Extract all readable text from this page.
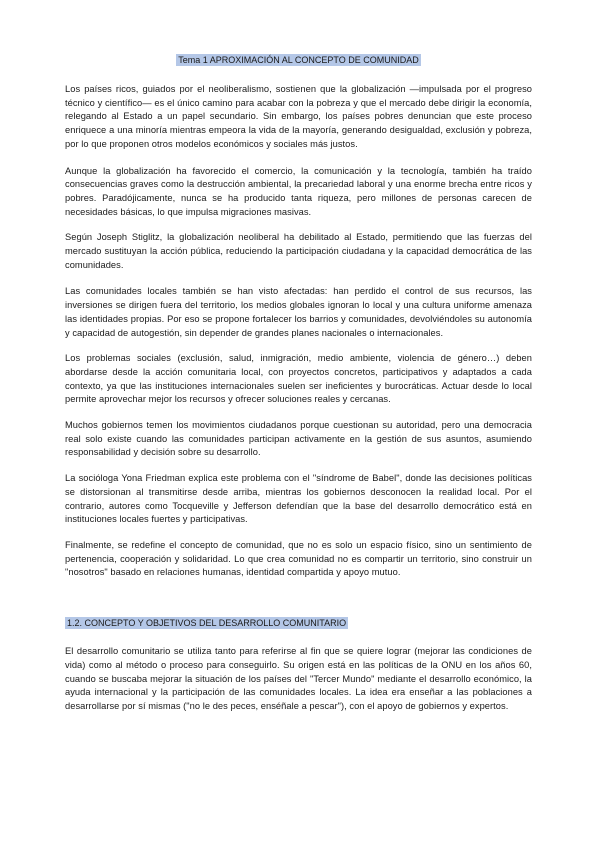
Tema 1 APROXIMACIÓN AL CONCEPTO DE COMUNIDAD

Los países ricos, guiados por el neoliberalismo, sostienen que la globalización —impulsada por el progreso técnico y científico— es el único camino para acabar con la pobreza y que el mercado debe dirigir la economía, relegando al Estado a un papel secundario. Sin embargo, los países pobres denuncian que este proceso enriquece a una minoría mientras empeora la vida de la mayoría, generando desigualdad, exclusión y pobreza, por lo que proponen otros modelos económicos y sociales más justos.

Aunque la globalización ha favorecido el comercio, la comunicación y la tecnología, también ha traído consecuencias graves como la destrucción ambiental, la precariedad laboral y una enorme brecha entre ricos y pobres. Paradójicamente, nunca se ha producido tanta riqueza, pero millones de personas carecen de necesidades básicas, lo que impulsa migraciones masivas.

Según Joseph Stiglitz, la globalización neoliberal ha debilitado al Estado, permitiendo que las fuerzas del mercado sustituyan la acción pública, reduciendo la participación ciudadana y la capacidad democrática de las comunidades.

Las comunidades locales también se han visto afectadas: han perdido el control de sus recursos, las inversiones se dirigen fuera del territorio, los medios globales ignoran lo local y una cultura uniforme amenaza las identidades propias. Por eso se propone fortalecer los barrios y comunidades, devolviéndoles su autonomía y capacidad de autogestión, sin depender de grandes planes nacionales o internacionales.

Los problemas sociales (exclusión, salud, inmigración, medio ambiente, violencia de género…) deben abordarse desde la acción comunitaria local, con proyectos concretos, participativos y adaptados a cada contexto, ya que las instituciones internacionales suelen ser ineficientes y burocráticas. Actuar desde lo local permite aprovechar mejor los recursos y ofrecer soluciones reales y cercanas.

Muchos gobiernos temen los movimientos ciudadanos porque cuestionan su autoridad, pero una democracia real solo existe cuando las comunidades participan activamente en la gestión de sus asuntos, asumiendo responsabilidad y decisión sobre su desarrollo.

La socióloga Yona Friedman explica este problema con el "síndrome de Babel", donde las decisiones políticas se distorsionan al transmitirse desde arriba, mientras los gobiernos desconocen la realidad local. Por el contrario, autores como Tocqueville y Jefferson defendían que la base del desarrollo democrático está en instituciones locales fuertes y participativas.

Finalmente, se redefine el concepto de comunidad, que no es solo un espacio físico, sino un sentimiento de pertenencia, cooperación y solidaridad. Lo que crea comunidad no es compartir un territorio, sino construir un "nosotros" basado en relaciones humanas, identidad compartida y apoyo mutuo.

1.2. CONCEPTO Y OBJETIVOS DEL DESARROLLO COMUNITARIO

El desarrollo comunitario se utiliza tanto para referirse al fin que se quiere lograr (mejorar las condiciones de vida) como al método o proceso para conseguirlo. Su origen está en las políticas de la ONU en los años 60, cuando se buscaba mejorar la situación de los países del "Tercer Mundo" mediante el desarrollo económico, la ayuda internacional y la participación de las comunidades locales. La idea era enseñar a las poblaciones a desarrollarse por sí mismas ("no le des peces, enséñale a pescar"), con el apoyo de gobiernos y expertos.
